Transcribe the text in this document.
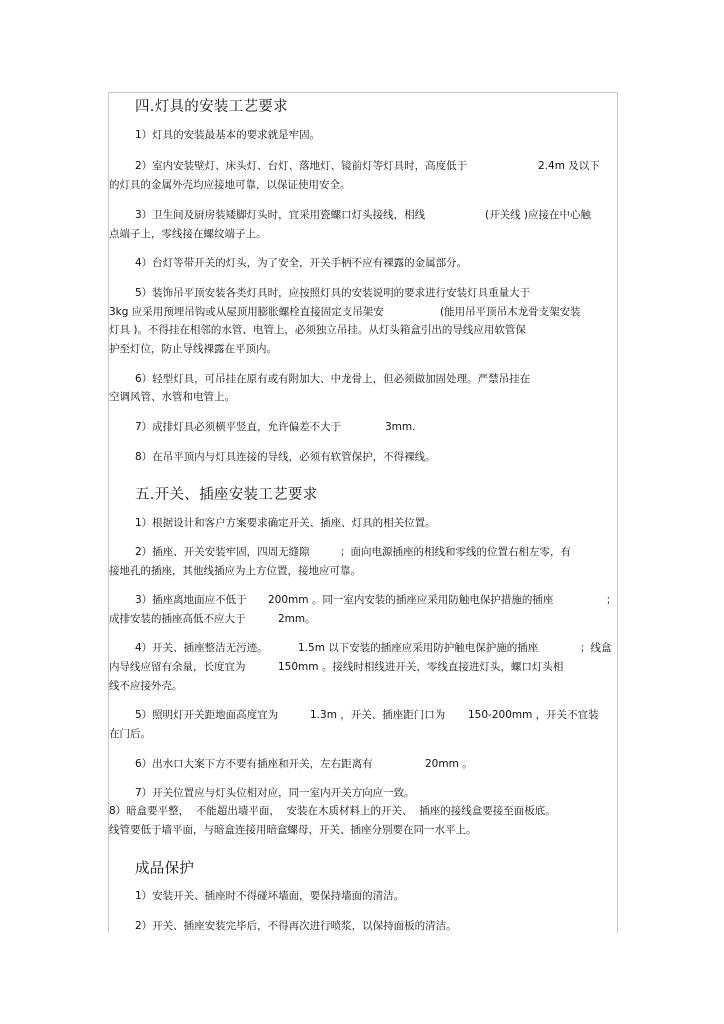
四.灯具的安装工艺要求
1）灯具的安装最基本的要求就是牢固。
2）室内安装壁灯、床头灯、台灯、落地灯、镜前灯等灯具时，高度低于	2.4m 及以下
的灯具的金属外壳均应接地可靠，以保证使用安全。
3）卫生间及厨房装矮脚灯头时，宜采用瓷螺口灯头接线，相线	(开关线 )应接在中心触
点端子上，零线接在螺纹端子上。
4）台灯等带开关的灯头，为了安全，开关手柄不应有裸露的金属部分。
5）装饰吊平顶安装各类灯具时，应按照灯具的安装说明的要求进行安装灯具重量大于
3kg 应采用预埋吊钩或从屋顶用膨胀螺栓直接固定支吊架安	(能用吊平顶吊木龙骨支架安装
灯具 )。不得挂在相邻的水管、电管上，必须独立吊挂。从灯头箱盒引出的导线应用软管保
护至灯位，防止导线裸露在平顶内。
6）轻型灯具，可吊挂在原有或有附加大、中龙骨上，但必须做加固处理。严禁吊挂在
空调风管、水管和电管上。
7）成排灯具必须横平竖直，允许偏差不大于	3mm.
8）在吊平顶内与灯具连接的导线，必须有软管保护，不得裸线。
五.开关、插座安装工艺要求
1）根据设计和客户方案要求确定开关、插座、灯具的相关位置。
2）插座、开关安装牢固，四周无缝隙	；面向电源插座的相线和零线的位置右相左零，有
接地孔的插座，其他线插应为上方位置，接地应可靠。
3）插座离地面应不低于 200mm 。同一室内安装的插座应采用防触电保护措施的插座	；
成排安装的插座高低不应大于	2mm。
4）开关、插座整洁无污迹。	1.5m 以下安装的插座应采用防护触电保护施的插座	；线盒
内导线应留有余量，长度宜为	150mm 。接线时相线进开关，零线直接进灯头，螺口灯头相
线不应接外壳。
5）照明灯开关距地面高度宜为	1.3m ，开关、插座距门口为 150-200mm ，开关不宜装
在门后。
6）出水口大案下方不要有插座和开关，左右距离有	20mm 。
7）开关位置应与灯头位相对应，同一室内开关方向应一致。
8）暗盒要平整，  不能超出墙平面，  安装在木质材料上的开关、  插座的接线盒要接至面板底。
线管要低于墙平面，与暗盒连接用暗盒螺母，开关、插座分别要在同一水平上。
成品保护
1）安装开关、插座时不得碰坏墙面，要保持墙面的清洁。
2）开关、插座安装完毕后，不得再次进行喷浆，以保持面板的清洁。
